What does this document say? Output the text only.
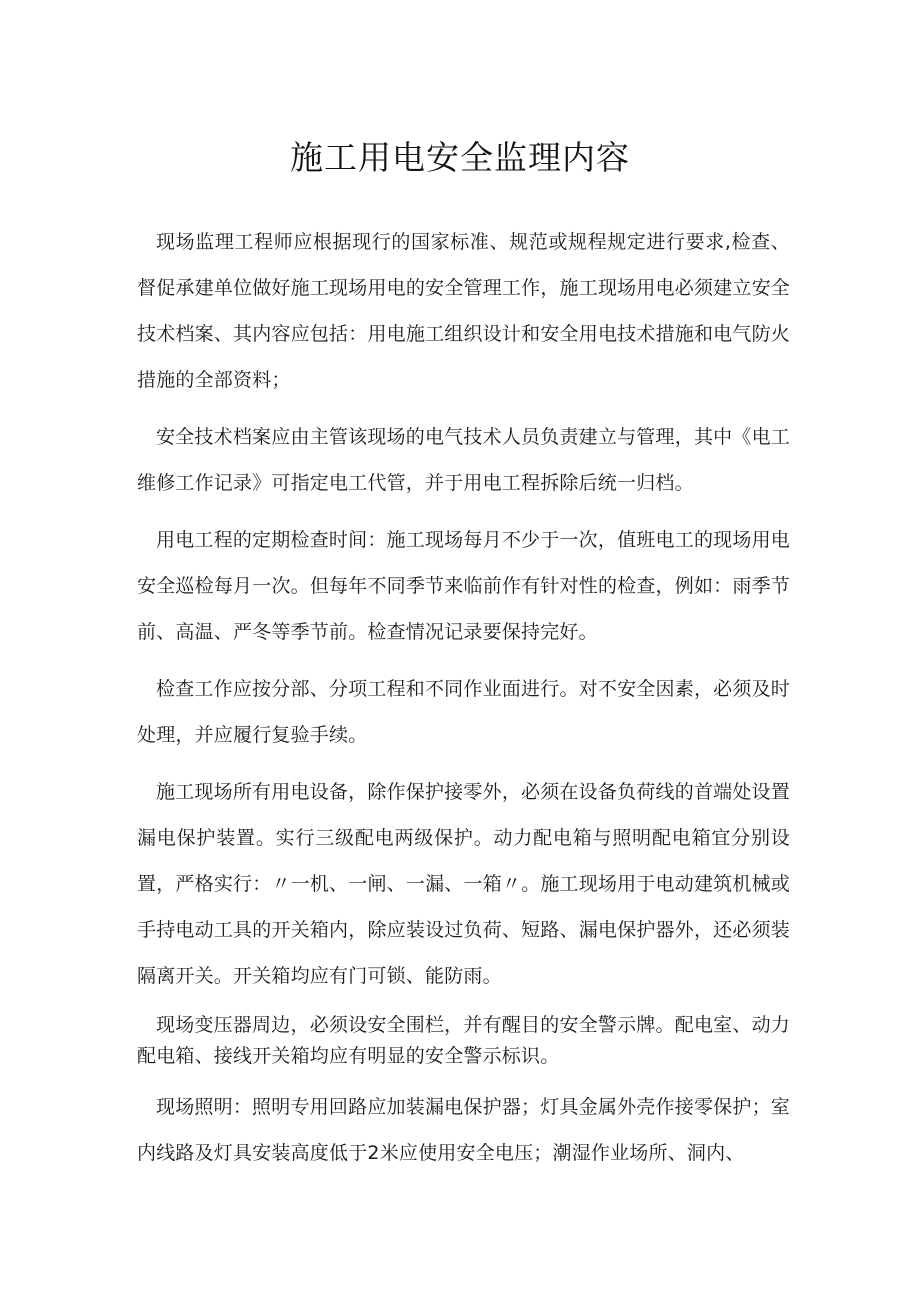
施工用电安全监理内容

现场监理工程师应根据现行的国家标准、规范或规程规定进行要求,检查、督促承建单位做好施工现场用电的安全管理工作，施工现场用电必须建立安全技术档案、其内容应包括：用电施工组织设计和安全用电技术措施和电气防火措施的全部资料；

安全技术档案应由主管该现场的电气技术人员负责建立与管理，其中《电工维修工作记录》可指定电工代管，并于用电工程拆除后统一归档。

用电工程的定期检查时间：施工现场每月不少于一次，值班电工的现场用电安全巡检每月一次。但每年不同季节来临前作有针对性的检查，例如：雨季节前、高温、严冬等季节前。检查情况记录要保持完好。

检查工作应按分部、分项工程和不同作业面进行。对不安全因素，必须及时处理，并应履行复验手续。

施工现场所有用电设备，除作保护接零外，必须在设备负荷线的首端处设置漏电保护装置。实行三级配电两级保护。动力配电箱与照明配电箱宜分别设置，严格实行：〃一机、一闸、一漏、一箱〃。施工现场用于电动建筑机械或手持电动工具的开关箱内，除应装设过负荷、短路、漏电保护器外，还必须装隔离开关。开关箱均应有门可锁、能防雨。

现场变压器周边，必须设安全围栏，并有醒目的安全警示牌。配电室、动力配电箱、接线开关箱均应有明显的安全警示标识。

现场照明：照明专用回路应加装漏电保护器；灯具金属外壳作接零保护；室内线路及灯具安装高度低于2米应使用安全电压；潮湿作业场所、洞内、
